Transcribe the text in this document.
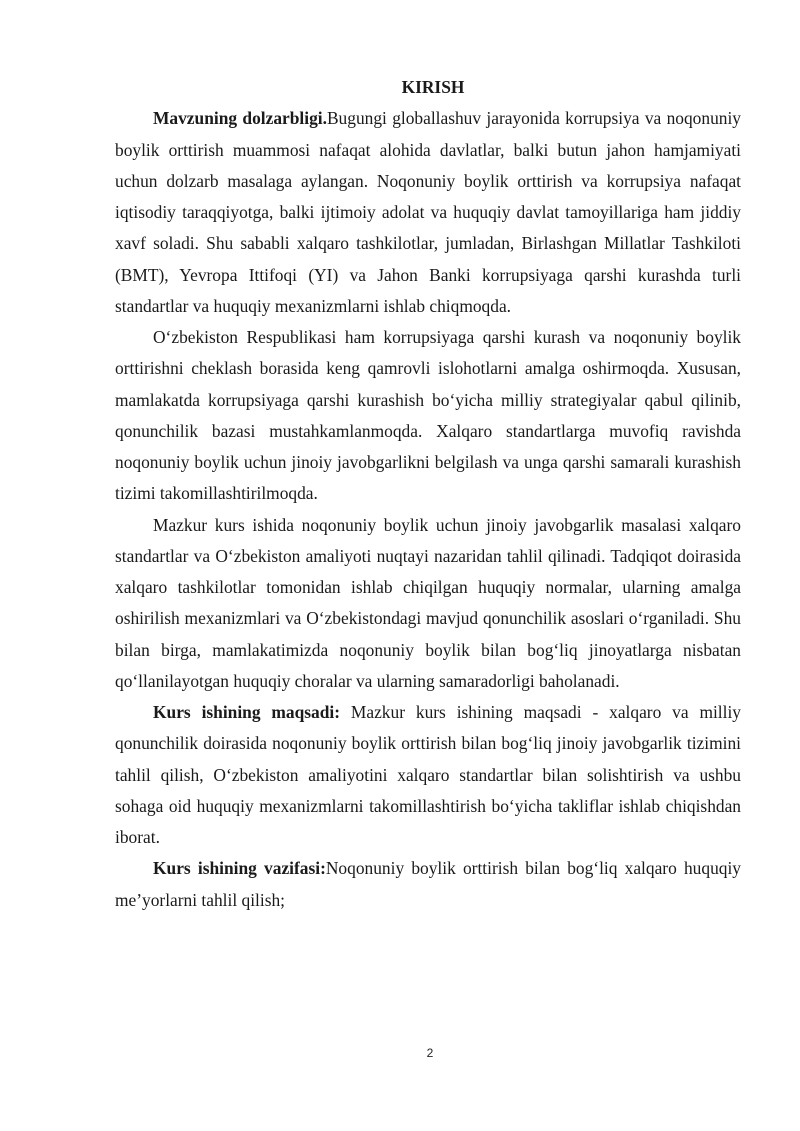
KIRISH

Mavzuning dolzarbligi.Bugungi globallashuv jarayonida korrupsiya va noqonuniy boylik orttirish muammosi nafaqat alohida davlatlar, balki butun jahon hamjamiyati uchun dolzarb masalaga aylangan. Noqonuniy boylik orttirish va korrupsiya nafaqat iqtisodiy taraqqiyotga, balki ijtimoiy adolat va huquqiy davlat tamoyillariga ham jiddiy xavf soladi. Shu sababli xalqaro tashkilotlar, jumladan, Birlashgan Millatlar Tashkiloti (BMT), Yevropa Ittifoqi (YI) va Jahon Banki korrupsiyaga qarshi kurashda turli standartlar va huquqiy mexanizmlarni ishlab chiqmoqda.

O‘zbekiston Respublikasi ham korrupsiyaga qarshi kurash va noqonuniy boylik orttirishni cheklash borasida keng qamrovli islohotlarni amalga oshirmoqda. Xususan, mamlakatda korrupsiyaga qarshi kurashish bo‘yicha milliy strategiyalar qabul qilinib, qonunchilik bazasi mustahkamlanmoqda. Xalqaro standartlarga muvofiq ravishda noqonuniy boylik uchun jinoiy javobgarlikni belgilash va unga qarshi samarali kurashish tizimi takomillashtirilmoqda.

Mazkur kurs ishida noqonuniy boylik uchun jinoiy javobgarlik masalasi xalqaro standartlar va O‘zbekiston amaliyoti nuqtayi nazaridan tahlil qilinadi. Tadqiqot doirasida xalqaro tashkilotlar tomonidan ishlab chiqilgan huquqiy normalar, ularning amalga oshirilish mexanizmlari va O‘zbekistondagi mavjud qonunchilik asoslari o‘rganiladi. Shu bilan birga, mamlakatimizda noqonuniy boylik bilan bog‘liq jinoyatlarga nisbatan qo‘llanilayotgan huquqiy choralar va ularning samaradorligi baholanadi.

Kurs ishining maqsadi: Mazkur kurs ishining maqsadi - xalqaro va milliy qonunchilik doirasida noqonuniy boylik orttirish bilan bog‘liq jinoiy javobgarlik tizimini tahlil qilish, O‘zbekiston amaliyotini xalqaro standartlar bilan solishtirish va ushbu sohaga oid huquqiy mexanizmlarni takomillashtirish bo‘yicha takliflar ishlab chiqishdan iborat.

Kurs ishining vazifasi:Noqonuniy boylik orttirish bilan bog‘liq xalqaro huquqiy me’yorlarni tahlil qilish;

2
